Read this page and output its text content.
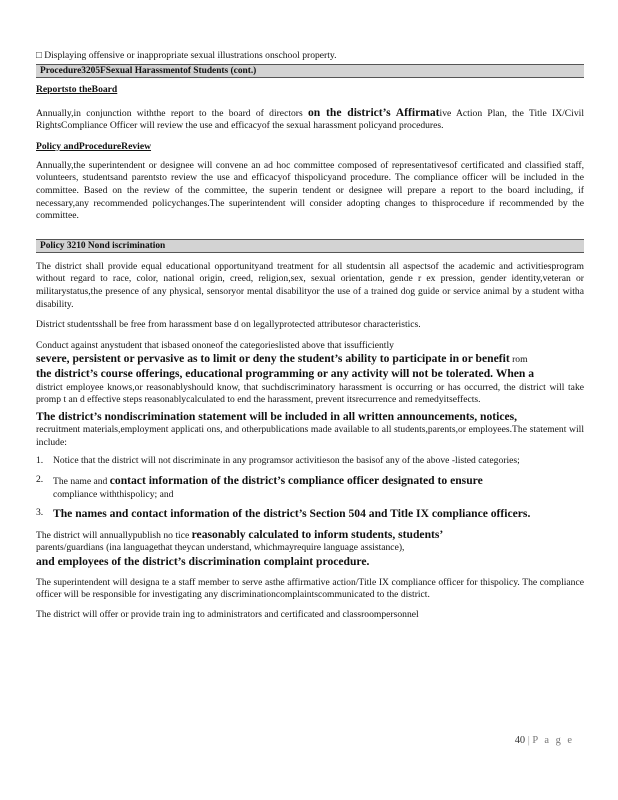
□ Displaying offensive or inappropriate sexual illustrations onschool property.

Procedure3205FSexual Harassmentof Students (cont.)

Reportsto theBoard

Annually,in conjunction withthe report to the board of directors on the district’s Affirmative Action Plan, the Title IX/Civil RightsCompliance Officer will review the use and efficacyof the sexual harassment policyand procedures.

Policy andProcedureReview

Annually,the superintendent or designee will convene an ad hoc committee composed of representativesof certificated and classified staff, volunteers, studentsand parentsto review the use and efficacyof thispolicyand procedure. The compliance officer will be included in the committee. Based on the review of the committee, the superin tendent or designee will prepare a report to the board including, if necessary,any recommended policychanges.The superintendent will consider adopting changes to thisprocedure if recommended by the committee.

Policy 3210 Nond iscrimination

The district shall provide equal educational opportunityand treatment for all studentsin all aspectsof the academic and activitiesprogram without regard to race, color, national origin, creed, religion,sex, sexual orientation, gende r ex pression, gender identity,veteran or militarystatus,the presence of any physical, sensoryor mental disabilityor the use of a trained dog guide or service animal by a student witha disability.

District studentsshall be free from harassment base d on legallyprotected attributesor characteristics.

Conduct against anystudent that isbased ononeof the categorieslisted above that issufficiently
severe, persistent or pervasive as to limit or deny the student’s ability to participate in or benefit rom
the district’s course offerings, educational programming or any activity will not be tolerated. When a
district employee knows,or reasonablyshould know, that suchdiscriminatory harassment is occurring or has occurred, the district will take promp t an d effective steps reasonablycalculated to end the harassment, prevent itsrecurrence and remedyitseffects.

The district’s nondiscrimination statement will be included in all written announcements, notices,
recruitment materials,employment applicati ons, and otherpublications made available to all students,parents,or employees.The statement will include:

1. Notice that the district will not discriminate in any programsor activitieson the basisof any of the above -listed categories;
2. The name and contact information of the district’s compliance officer designated to ensure
compliance withthispolicy; and
3. The names and contact information of the district’s Section 504 and Title IX compliance officers.

The district will annuallypublish no tice reasonably calculated to inform students, students’
parents/guardians (ina languagethat theycan understand, whichmayrequire language assistance),
and employees of the district’s discrimination complaint procedure.

The superintendent will designa te a staff member to serve asthe affirmative action/Title IX compliance officer for thispolicy. The compliance officer will be responsible for investigating any discriminationcomplaintscommunicated to the district.

The district will offer or provide train ing to administrators and certificated and classroompersonnel

40 | P a g e
